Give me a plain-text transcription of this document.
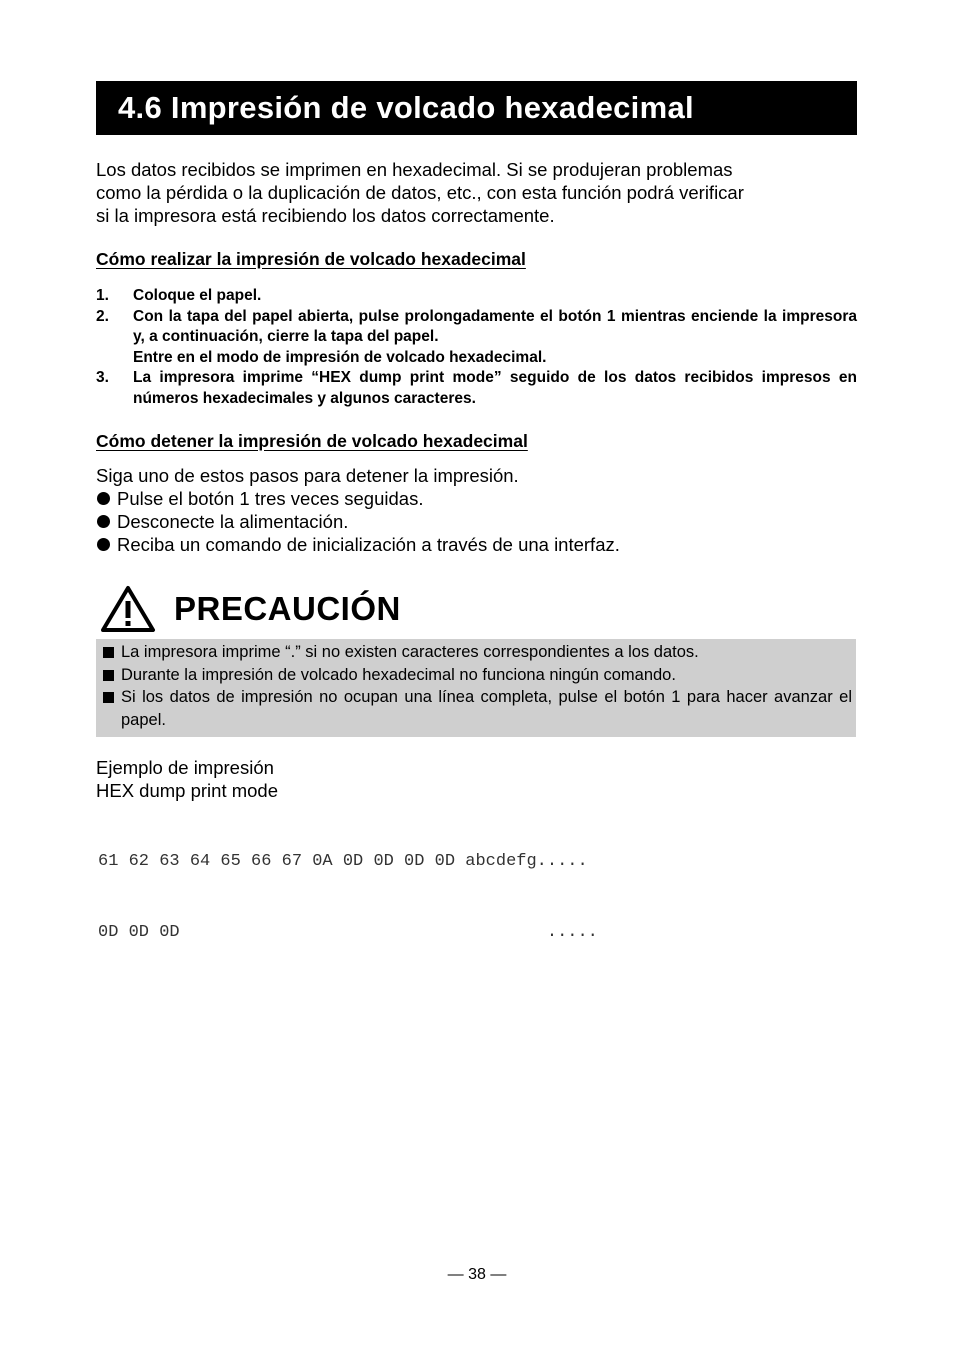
4.6 Impresión de volcado hexadecimal

Los datos recibidos se imprimen en hexadecimal. Si se produjeran problemas

como la pérdida o la duplicación de datos, etc., con esta función podrá verificar

si la impresora está recibiendo los datos correctamente.

Cómo realizar la impresión de volcado hexadecimal
1.	Coloque el papel.
2.	Con la tapa del papel abierta, pulse prolongadamente el botón 1 mientras enciende la impresora y, a continuación, cierre la tapa del papel.
Entre en el modo de impresión de volcado hexadecimal.
3.	La impresora imprime “HEX dump print mode” seguido de los datos recibidos impresos en números hexadecimales y algunos caracteres.
Cómo detener la impresión de volcado hexadecimal
Siga uno de estos pasos para detener la impresión.
Pulse el botón 1 tres veces seguidas.
Desconecte la alimentación.
Reciba un comando de inicialización a través de una interfaz.
PRECAUCIÓN
La impresora imprime “.” si no existen caracteres correspondientes a los datos.
Durante la impresión de volcado hexadecimal no funciona ningún comando.
Si los datos de impresión no ocupan una línea completa, pulse el botón 1 para hacer avanzar el papel.
Ejemplo de impresión
HEX dump print mode

61 62 63 64 65 66 67 0A 0D 0D 0D 0D abcdefg.....

0D 0D 0D                                    .....

— 38 —
